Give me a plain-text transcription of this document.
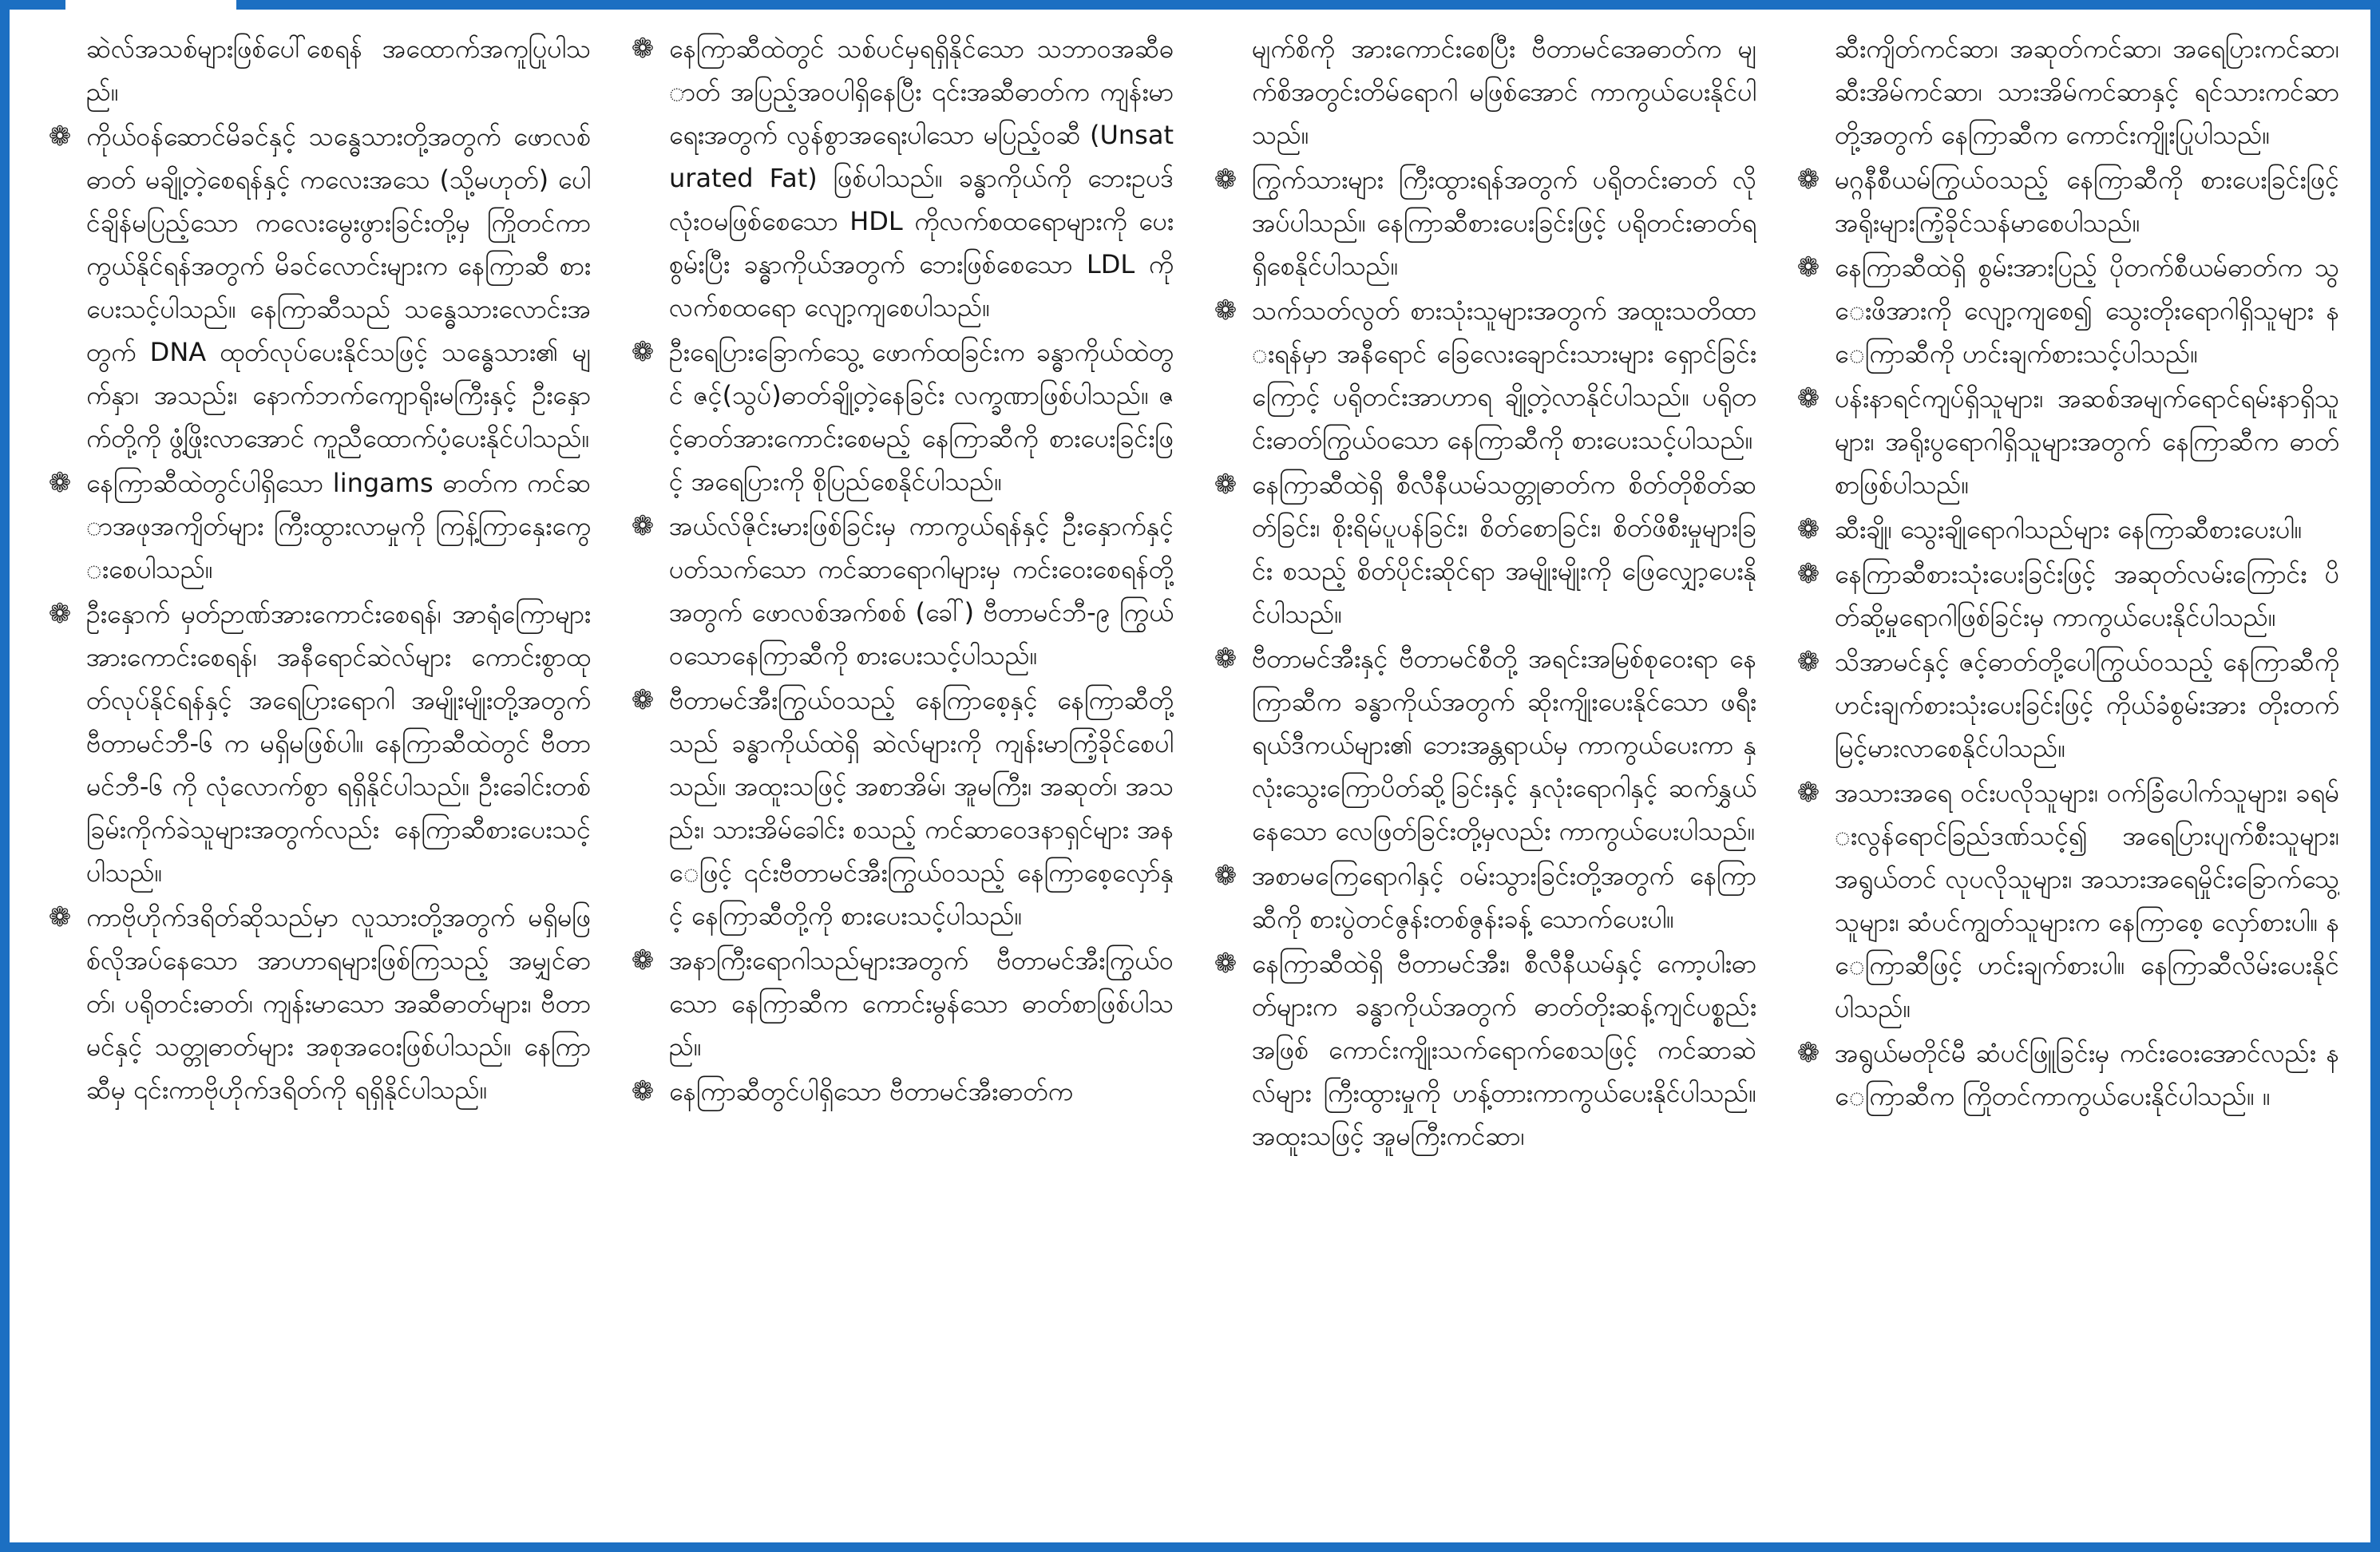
ဆဲလ်အသစ်များဖြစ်ပေါ်စေရန် အထောက်အကူပြုပါသည်။
❁ ကိုယ်ဝန်ဆောင်မိခင်နှင့် သန္ဓေသားတို့အတွက် ဖောလစ်ဓာတ် မချို့တဲ့စေရန်နှင့် ကလေးအသေ (သို့မဟုတ်) ပေါင်ချိန်မပြည့်သော ကလေးမွေးဖွားခြင်းတို့မှ ကြိုတင်ကာကွယ်နိုင်ရန်အတွက် မိခင်လောင်းများက နေကြာဆီ စားပေးသင့်ပါသည်။ နေကြာဆီသည် သန္ဓေသားလောင်းအတွက် DNA ထုတ်လုပ်ပေးနိုင်သဖြင့် သန္ဓေသား၏ မျက်နှာ၊ အသည်း၊ နောက်ဘက်ကျောရိုးမကြီးနှင့် ဦးနှောက်တို့ကို ဖွံ့ဖြိုးလာအောင် ကူညီထောက်ပံ့ပေးနိုင်ပါသည်။
❁ နေကြာဆီထဲတွင်ပါရှိသော lingams ဓာတ်က ကင်ဆာအဖုအကျိတ်များ ကြီးထွားလာမှုကို ကြန့်ကြာနှေးကွေးစေပါသည်။
❁ ဦးနှောက် မှတ်ဉာဏ်အားကောင်းစေရန်၊ အာရုံကြောများ အားကောင်းစေရန်၊ အနီရောင်ဆဲလ်များ ကောင်းစွာထုတ်လုပ်နိုင်ရန်နှင့် အရေပြားရောဂါ အမျိုးမျိုးတို့အတွက် ဗီတာမင်ဘီ-၆ က မရှိမဖြစ်ပါ။ နေကြာဆီထဲတွင် ဗီတာမင်ဘီ-၆ ကို လုံလောက်စွာ ရရှိနိုင်ပါသည်။ ဦးခေါင်းတစ်ခြမ်းကိုက်ခဲသူများအတွက်လည်း နေကြာဆီစားပေးသင့်ပါသည်။
❁ ကာဗိုဟိုက်ဒရိတ်ဆိုသည်မှာ လူသားတို့အတွက် မရှိမဖြစ်လိုအပ်နေသော အာဟာရများဖြစ်ကြသည့် အမျှင်ဓာတ်၊ ပရိုတင်းဓာတ်၊ ကျန်းမာသော အဆီဓာတ်များ၊ ဗီတာမင်နှင့် သတ္တုဓာတ်များ အစုအဝေးဖြစ်ပါသည်။ နေကြာဆီမှ ၎င်းကာဗိုဟိုက်ဒရိတ်ကို ရရှိနိုင်ပါသည်။
❁ နေကြာဆီထဲတွင် သစ်ပင်မှရရှိနိုင်သော သဘာဝအဆီဓာတ် အပြည့်အဝပါရှိနေပြီး ၎င်းအဆီဓာတ်က ကျန်းမာရေးအတွက် လွန်စွာအရေးပါသော မပြည့်ဝဆီ (Unsaturated Fat) ဖြစ်ပါသည်။ ခန္ဓာကိုယ်ကို ဘေးဥပဒ် လုံးဝမဖြစ်စေသော HDL ကိုလက်စထရောများကို ပေးစွမ်းပြီး ခန္ဓာကိုယ်အတွက် ဘေးဖြစ်စေသော LDL ကိုလက်စထရော လျော့ကျစေပါသည်။
❁ ဦးရေပြားခြောက်သွေ့ ဖောက်ထခြင်းက ခန္ဓာကိုယ်ထဲတွင် ဇင့်(သွပ်)ဓာတ်ချို့တဲ့နေခြင်း လက္ခဏာဖြစ်ပါသည်။ ဇင့်ဓာတ်အားကောင်းစေမည့် နေကြာဆီကို စားပေးခြင်းဖြင့် အရေပြားကို စိုပြည်စေနိုင်ပါသည်။
❁ အယ်လ်ဇိုင်းမားဖြစ်ခြင်းမှ ကာကွယ်ရန်နှင့် ဦးနှောက်နှင့်ပတ်သက်သော ကင်ဆာရောဂါများမှ ကင်းဝေးစေရန်တို့အတွက် ဖောလစ်အက်စစ် (ခေါ်) ဗီတာမင်ဘီ-၉ ကြွယ်ဝသောနေကြာဆီကို စားပေးသင့်ပါသည်။
❁ ဗီတာမင်အီးကြွယ်ဝသည့် နေကြာစေ့နှင့် နေကြာဆီတို့သည် ခန္ဓာကိုယ်ထဲရှိ ဆဲလ်များကို ကျန်းမာကြံ့ခိုင်စေပါသည်။ အထူးသဖြင့် အစာအိမ်၊ အူမကြီး၊ အဆုတ်၊ အသည်း၊ သားအိမ်ခေါင်း စသည့် ကင်ဆာဝေဒနာရှင်များ အနေဖြင့် ၎င်းဗီတာမင်အီးကြွယ်ဝသည့် နေကြာစေ့လှော်နှင့် နေကြာဆီတို့ကို စားပေးသင့်ပါသည်။
❁ အနာကြီးရောဂါသည်များအတွက် ဗီတာမင်အီးကြွယ်ဝသော နေကြာဆီက ကောင်းမွန်သော ဓာတ်စာဖြစ်ပါသည်။
❁ နေကြာဆီတွင်ပါရှိသော ဗီတာမင်အီးဓာတ်က
မျက်စိကို အားကောင်းစေပြီး ဗီတာမင်အေဓာတ်က မျက်စိအတွင်းတိမ်ရောဂါ မဖြစ်အောင် ကာကွယ်ပေးနိုင်ပါသည်။
❁ ကြွက်သားများ ကြီးထွားရန်အတွက် ပရိုတင်းဓာတ် လိုအပ်ပါသည်။ နေကြာဆီစားပေးခြင်းဖြင့် ပရိုတင်းဓာတ်ရရှိစေနိုင်ပါသည်။
❁ သက်သတ်လွတ် စားသုံးသူများအတွက် အထူးသတိထားရန်မှာ အနီရောင် ခြေလေးချောင်းသားများ ရှောင်ခြင်းကြောင့် ပရိုတင်းအာဟာရ ချို့တဲ့လာနိုင်ပါသည်။ ပရိုတင်းဓာတ်ကြွယ်ဝသော နေကြာဆီကို စားပေးသင့်ပါသည်။
❁ နေကြာဆီထဲရှိ စီလီနီယမ်သတ္တုဓာတ်က စိတ်တိုစိတ်ဆတ်ခြင်း၊ စိုးရိမ်ပူပန်ခြင်း၊ စိတ်စောခြင်း၊ စိတ်ဖိစီးမှုများခြင်း စသည့် စိတ်ပိုင်းဆိုင်ရာ အမျိုးမျိုးကို ဖြေလျှော့ပေးနိုင်ပါသည်။
❁ ဗီတာမင်အီးနှင့် ဗီတာမင်စီတို့ အရင်းအမြစ်စုဝေးရာ နေကြာဆီက ခန္ဓာကိုယ်အတွက် ဆိုးကျိုးပေးနိုင်သော ဖရီးရယ်ဒီကယ်များ၏ ဘေးအန္တရာယ်မှ ကာကွယ်ပေးကာ နှလုံးသွေးကြောပိတ်ဆို့ခြင်းနှင့် နှလုံးရောဂါနှင့် ဆက်နွှယ်နေသော လေဖြတ်ခြင်းတို့မှလည်း ကာကွယ်ပေးပါသည်။
❁ အစာမကြေရောဂါနှင့် ဝမ်းသွားခြင်းတို့အတွက် နေကြာဆီကို စားပွဲတင်ဇွန်းတစ်ဇွန်းခန့် သောက်ပေးပါ။
❁ နေကြာဆီထဲရှိ ဗီတာမင်အီး၊ စီလီနီယမ်နှင့် ကော့ပါးဓာတ်များက ခန္ဓာကိုယ်အတွက် ဓာတ်တိုးဆန့်ကျင်ပစ္စည်းအဖြစ် ကောင်းကျိုးသက်ရောက်စေသဖြင့် ကင်ဆာဆဲလ်များ ကြီးထွားမှုကို ဟန့်တားကာကွယ်ပေးနိုင်ပါသည်။ အထူးသဖြင့် အူမကြီးကင်ဆာ၊
ဆီးကျိတ်ကင်ဆာ၊ အဆုတ်ကင်ဆာ၊ အရေပြားကင်ဆာ၊ ဆီးအိမ်ကင်ဆာ၊ သားအိမ်ကင်ဆာနှင့် ရင်သားကင်ဆာတို့အတွက် နေကြာဆီက ကောင်းကျိုးပြုပါသည်။
❁ မဂ္ဂနီစီယမ်ကြွယ်ဝသည့် နေကြာဆီကို စားပေးခြင်းဖြင့် အရိုးများကြံ့ခိုင်သန်မာစေပါသည်။
❁ နေကြာဆီထဲရှိ စွမ်းအားပြည့် ပိုတက်စီယမ်ဓာတ်က သွေးဖိအားကို လျော့ကျစေ၍ သွေးတိုးရောဂါရှိသူများ နေကြာဆီကို ဟင်းချက်စားသင့်ပါသည်။
❁ ပန်းနာရင်ကျပ်ရှိသူများ၊ အဆစ်အမျက်ရောင်ရမ်းနာရှိသူများ၊ အရိုးပွရောဂါရှိသူများအတွက် နေကြာဆီက ဓာတ်စာဖြစ်ပါသည်။
❁ ဆီးချို၊ သွေးချိုရောဂါသည်များ နေကြာဆီစားပေးပါ။
❁ နေကြာဆီစားသုံးပေးခြင်းဖြင့် အဆုတ်လမ်းကြောင်း ပိတ်ဆို့မှုရောဂါဖြစ်ခြင်းမှ ကာကွယ်ပေးနိုင်ပါသည်။
❁ သိအာမင်နှင့် ဇင့်ဓာတ်တို့ပေါကြွယ်ဝသည့် နေကြာဆီကို ဟင်းချက်စားသုံးပေးခြင်းဖြင့် ကိုယ်ခံစွမ်းအား တိုးတက်မြင့်မားလာစေနိုင်ပါသည်။
❁ အသားအရေ ဝင်းပလိုသူများ၊ ဝက်ခြံပေါက်သူများ၊ ခရမ်းလွန်ရောင်ခြည်ဒဏ်သင့်၍ အရေပြားပျက်စီးသူများ၊ အရွယ်တင် လုပလိုသူများ၊ အသားအရေမှိုင်းခြောက်သွေ့သူများ၊ ဆံပင်ကျွတ်သူများက နေကြာစေ့ လှော်စားပါ။ နေကြာဆီဖြင့် ဟင်းချက်စားပါ။ နေကြာဆီလိမ်းပေးနိုင်ပါသည်။
❁ အရွယ်မတိုင်မီ ဆံပင်ဖြူခြင်းမှ ကင်းဝေးအောင်လည်း နေကြာဆီက ကြိုတင်ကာကွယ်ပေးနိုင်ပါသည်။ ။
